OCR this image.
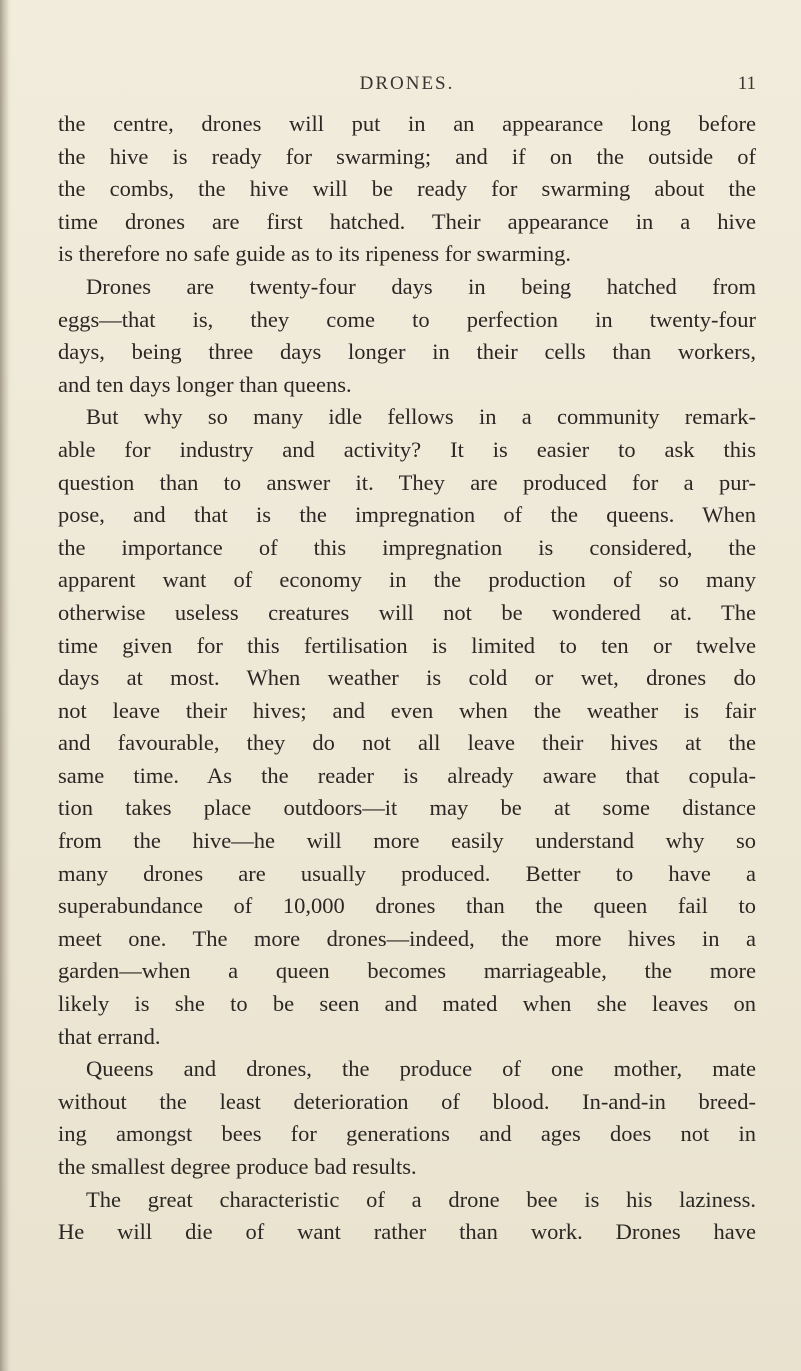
DRONES.	11
the centre, drones will put in an appearance long before
the hive is ready for swarming; and if on the outside of
the combs, the hive will be ready for swarming about the
time drones are first hatched. Their appearance in a hive
is therefore no safe guide as to its ripeness for swarming.
Drones are twenty-four days in being hatched from
eggs—that is, they come to perfection in twenty-four
days, being three days longer in their cells than workers,
and ten days longer than queens.
But why so many idle fellows in a community remark-
able for industry and activity? It is easier to ask this
question than to answer it. They are produced for a pur-
pose, and that is the impregnation of the queens. When
the importance of this impregnation is considered, the
apparent want of economy in the production of so many
otherwise useless creatures will not be wondered at. The
time given for this fertilisation is limited to ten or twelve
days at most. When weather is cold or wet, drones do
not leave their hives; and even when the weather is fair
and favourable, they do not all leave their hives at the
same time. As the reader is already aware that copula-
tion takes place outdoors—it may be at some distance
from the hive—he will more easily understand why so
many drones are usually produced. Better to have a
superabundance of 10,000 drones than the queen fail to
meet one. The more drones—indeed, the more hives in a
garden—when a queen becomes marriageable, the more
likely is she to be seen and mated when she leaves on
that errand.
Queens and drones, the produce of one mother, mate
without the least deterioration of blood. In-and-in breed-
ing amongst bees for generations and ages does not in
the smallest degree produce bad results.
The great characteristic of a drone bee is his laziness.
He will die of want rather than work. Drones have
